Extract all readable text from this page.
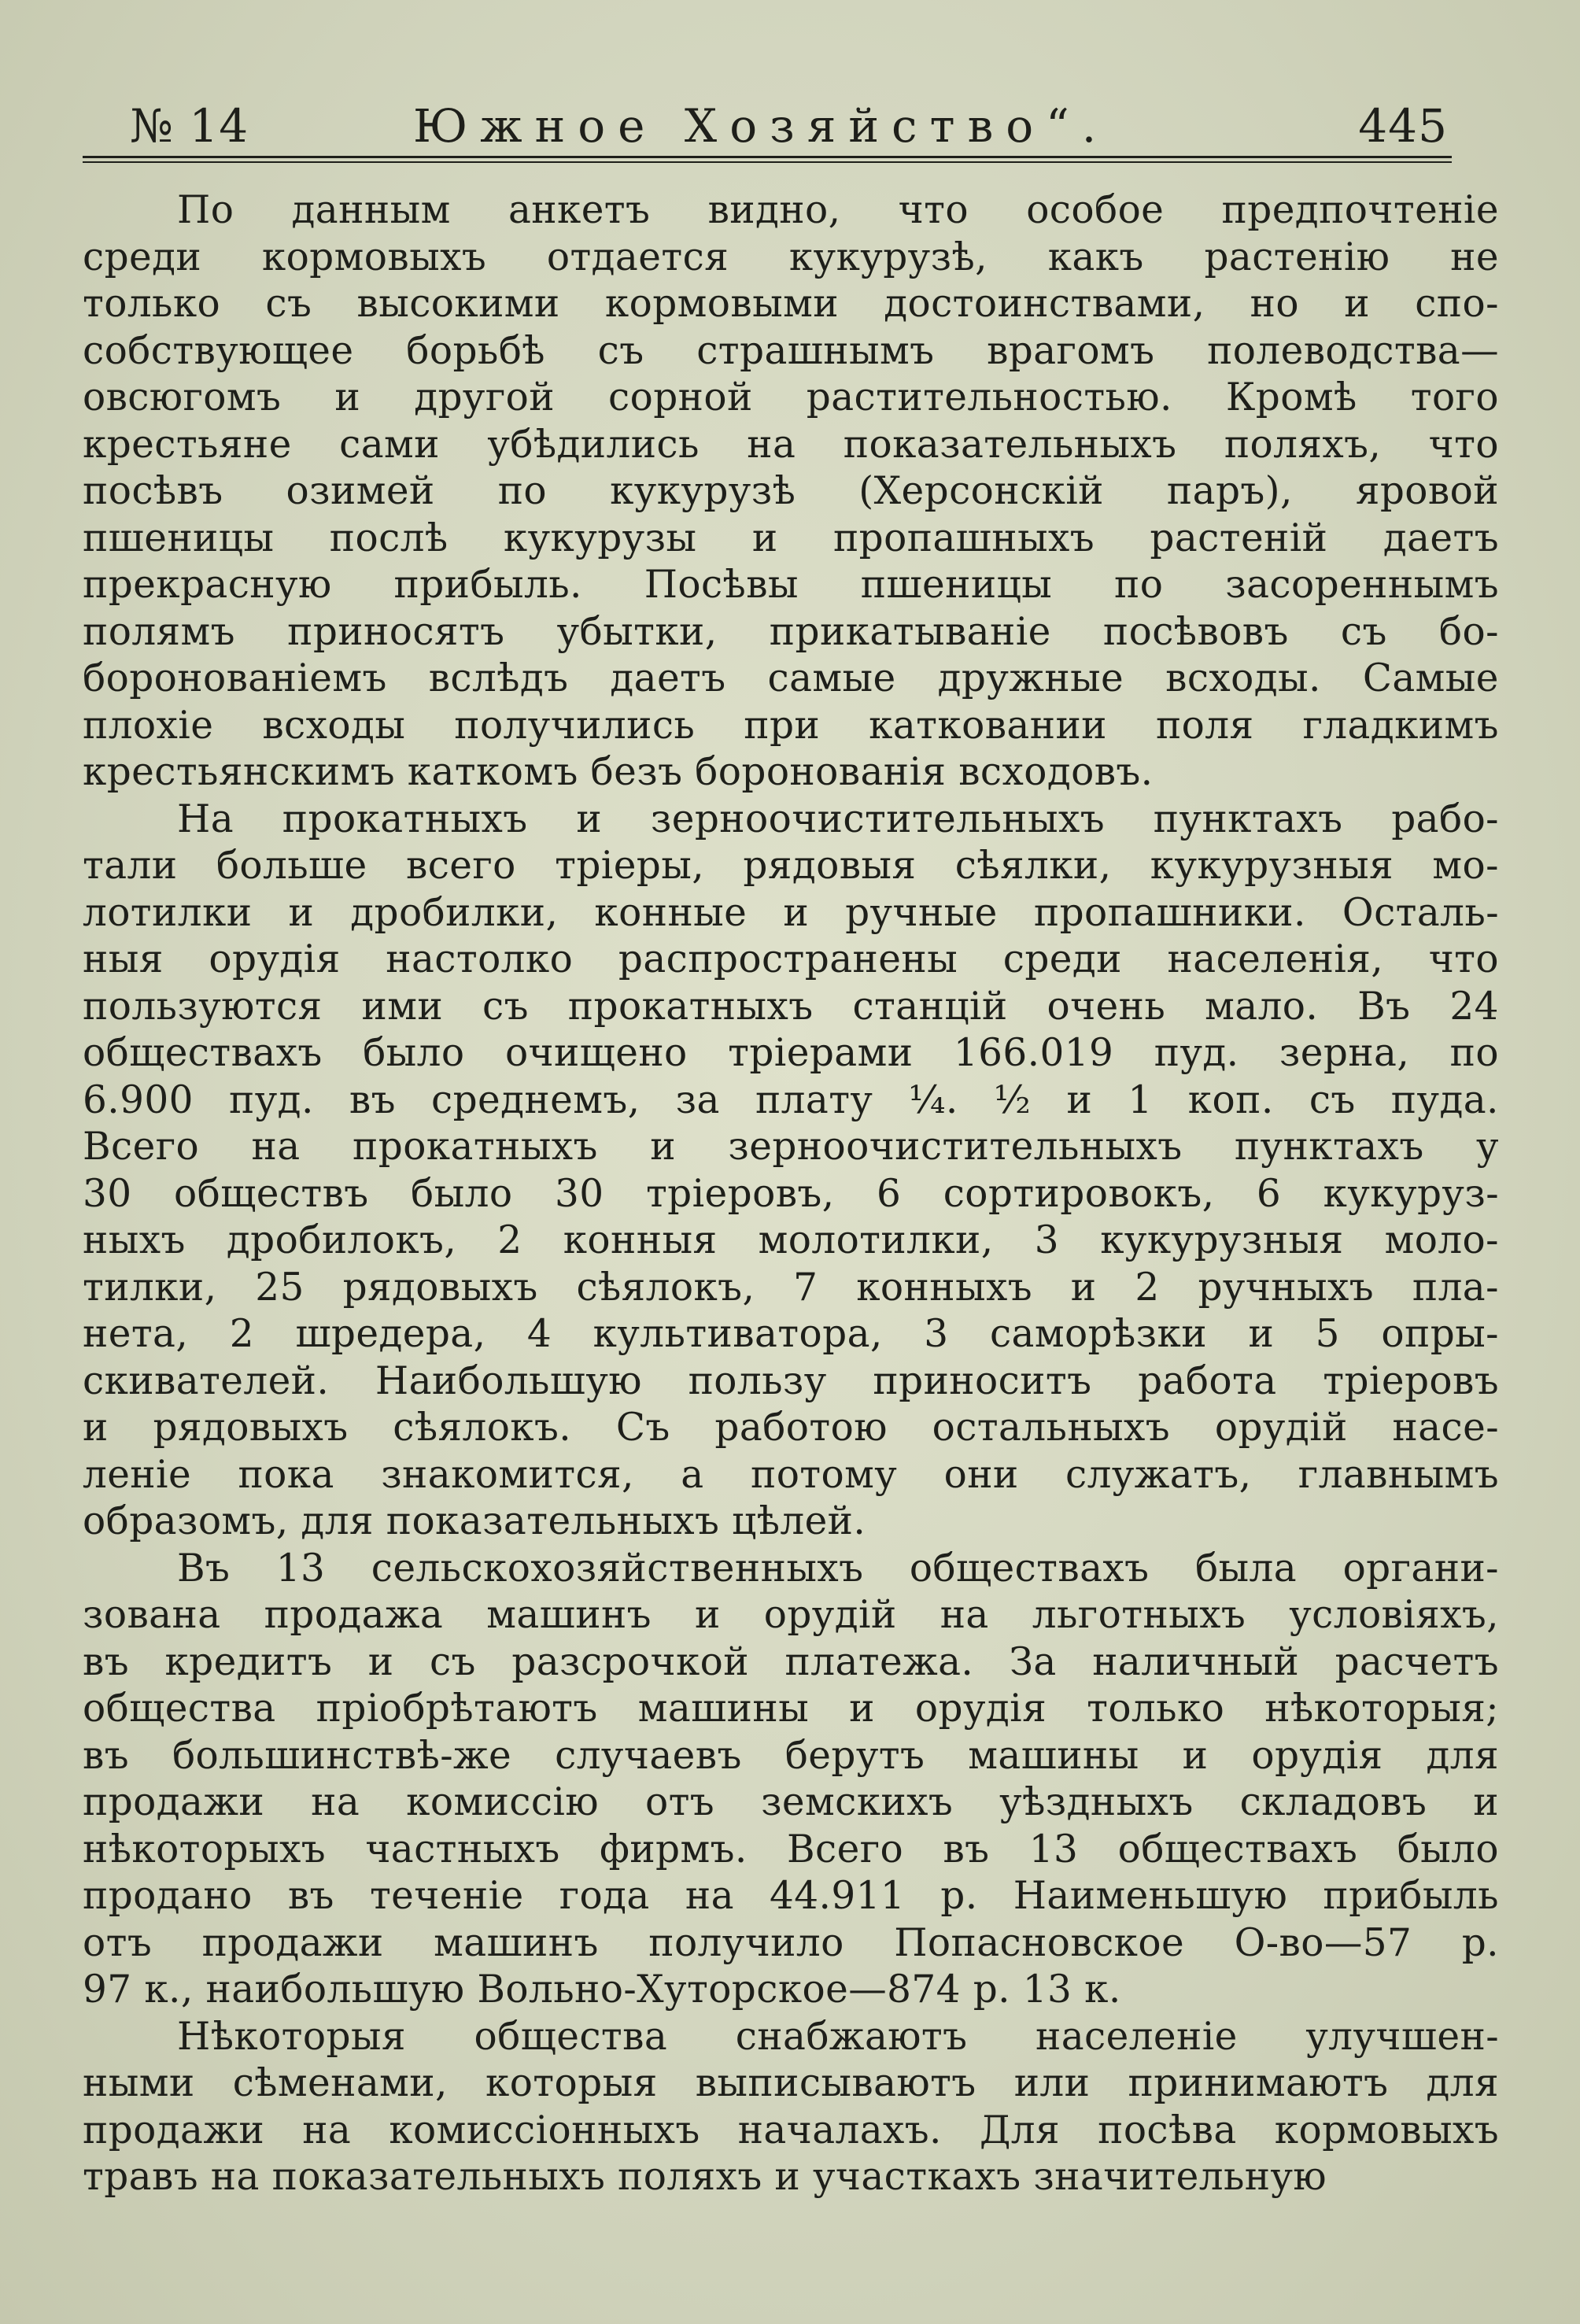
№ 14	Южное Хозяйство“.	445
По данным анкетъ видно, что особое предпочтеніе
среди кормовыхъ отдается кукурузѣ, какъ растенію не
только съ высокими кормовыми достоинствами, но и спо-
собствующее борьбѣ съ страшнымъ врагомъ полеводства—
овсюгомъ и другой сорной растительностью. Кромѣ того
крестьяне сами убѣдились на показательныхъ поляхъ, что
посѣвъ озимей по кукурузѣ (Херсонскій паръ), яровой
пшеницы послѣ кукурузы и пропашныхъ растеній даетъ
прекрасную прибыль. Посѣвы пшеницы по засореннымъ
полямъ приносятъ убытки, прикатываніе посѣвовъ съ бо-
боронованіемъ вслѣдъ даетъ самые дружные всходы. Самые
плохіе всходы получились при катковании поля гладкимъ
крестьянскимъ каткомъ безъ боронованія всходовъ.
На прокатныхъ и зерноочистительныхъ пунктахъ рабо-
тали больше всего тріеры, рядовыя сѣялки, кукурузныя мо-
лотилки и дробилки, конные и ручные пропашники. Осталь-
ныя орудія настолко распространены среди населенія, что
пользуются ими съ прокатныхъ станцій очень мало. Въ 24
обществахъ было очищено тріерами 166.019 пуд. зерна, по
6.900 пуд. въ среднемъ, за плату ¼. ½ и 1 коп. съ пуда.
Всего на прокатныхъ и зерноочистительныхъ пунктахъ у
30 обществъ было 30 тріеровъ, 6 сортировокъ, 6 кукуруз-
ныхъ дробилокъ, 2 конныя молотилки, 3 кукурузныя моло-
тилки, 25 рядовыхъ сѣялокъ, 7 конныхъ и 2 ручныхъ пла-
нета, 2 шредера, 4 культиватора, 3 саморѣзки и 5 опры-
скивателей. Наибольшую пользу приноситъ работа тріеровъ
и рядовыхъ сѣялокъ. Съ работою остальныхъ орудій насе-
леніе пока знакомится, а потому они служатъ, главнымъ
образомъ, для показательныхъ цѣлей.
Въ 13 сельскохозяйственныхъ обществахъ была органи-
зована продажа машинъ и орудій на льготныхъ условіяхъ,
въ кредитъ и съ разсрочкой платежа. За наличный расчетъ
общества пріобрѣтаютъ машины и орудія только нѣкоторыя;
въ большинствѣ-же случаевъ берутъ машины и орудія для
продажи на комиссію отъ земскихъ уѣздныхъ складовъ и
нѣкоторыхъ частныхъ фирмъ. Всего въ 13 обществахъ было
продано въ теченіе года на 44.911 р. Наименьшую прибыль
отъ продажи машинъ получило Попасновское О-во—57 р.
97 к., наибольшую Вольно-Хуторское—874 р. 13 к.
Нѣкоторыя общества снабжаютъ населеніе улучшен-
ными сѣменами, которыя выписываютъ или принимаютъ для
продажи на комиссіонныхъ началахъ. Для посѣва кормовыхъ
травъ на показательныхъ поляхъ и участкахъ значительную
